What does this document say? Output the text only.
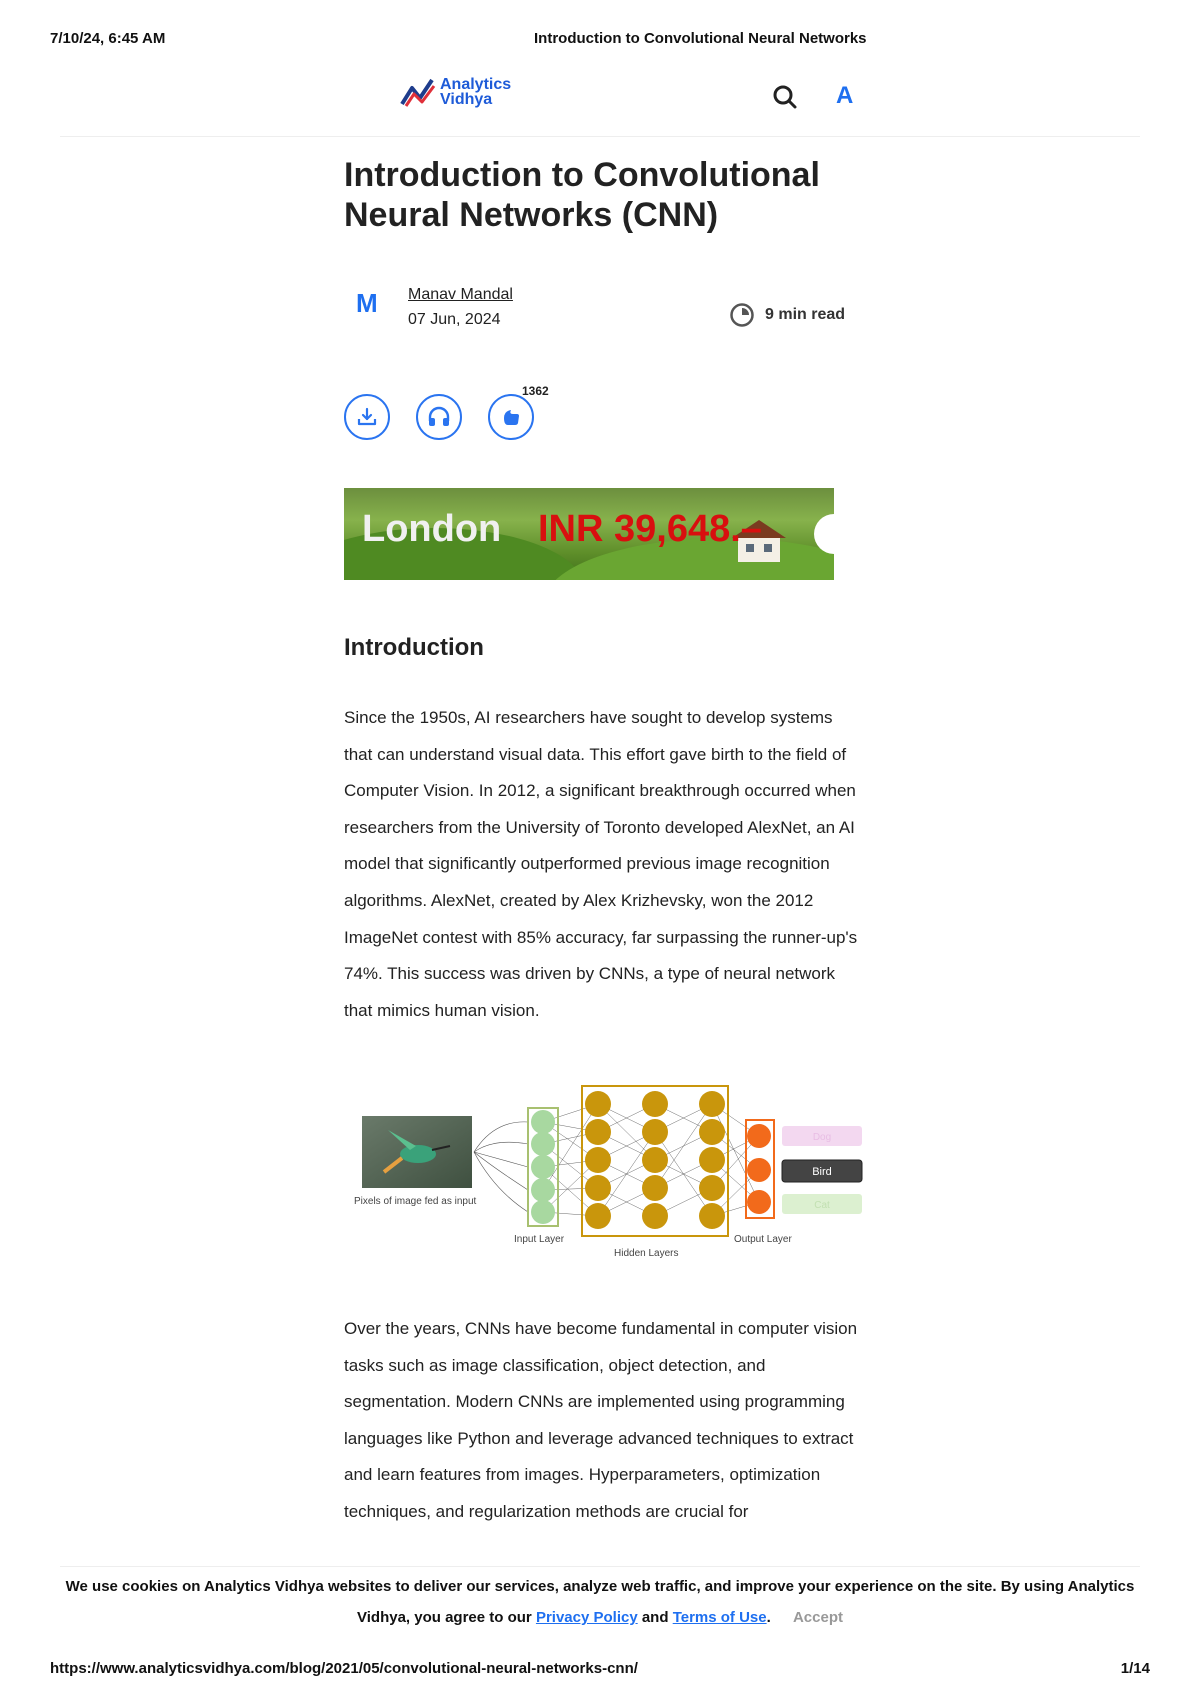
7/10/24, 6:45 AM	Introduction to Convolutional Neural Networks
Analytics
Vidhya	A
Introduction to Convolutional Neural Networks (CNN)
M Manav Mandal
07 Jun, 2024	9 min read
1362
London INR 39,648.–
Introduction

Since the 1950s, AI researchers have sought to develop systems that can understand visual data. This effort gave birth to the field of Computer Vision. In 2012, a significant breakthrough occurred when researchers from the University of Toronto developed AlexNet, an AI model that significantly outperformed previous image recognition algorithms. AlexNet, created by Alex Krizhevsky, won the 2012 ImageNet contest with 85% accuracy, far surpassing the runner-up's 74%. This success was driven by CNNs, a type of neural network that mimics human vision.

Pixels of image fed as input
Dog
Bird
Cat
Input Layer
Hidden Layers
Output Layer

Over the years, CNNs have become fundamental in computer vision tasks such as image classification, object detection, and segmentation. Modern CNNs are implemented using programming languages like Python and leverage advanced techniques to extract and learn features from images. Hyperparameters, optimization techniques, and regularization methods are crucial for

We use cookies on Analytics Vidhya websites to deliver our services, analyze web traffic, and improve your experience on the site. By using Analytics Vidhya, you agree to our Privacy Policy and Terms of Use. Accept
https://www.analyticsvidhya.com/blog/2021/05/convolutional-neural-networks-cnn/	1/14
